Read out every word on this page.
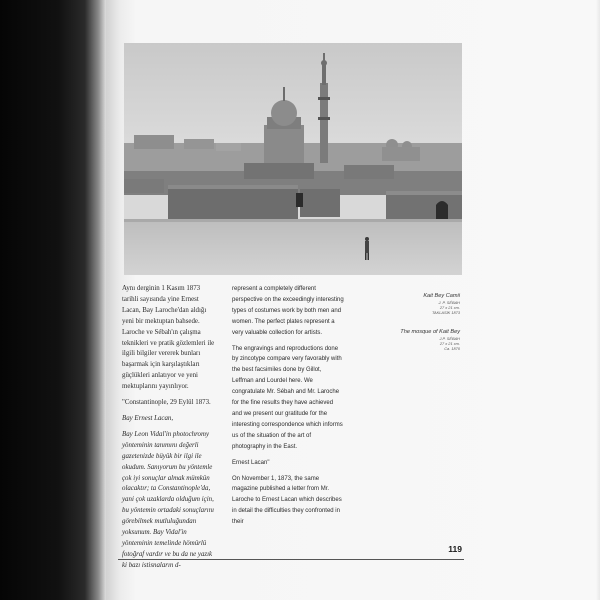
Aynı derginin 1 Kasım 1873 tarihli sayısında yine Ernest Lacan, Bay Laroche'dan aldığı yeni bir mektuptan bahsede. Laroche ve Sébah'ın çalışma teknikleri ve pratik gözlemleri ile ilgili bilgiler vererek bunları başarmak için karşılaştıkları güçlükleri anlatıyor ve yeni mektuplarını yayınlıyor.

"Constantinople, 29 Eylül 1873.

Bay Ernest Lacan,

Bay Leon Vidal'in photochromy yönteminin tanımını değerli gazetenizde büyük bir ilgi ile okudum. Sanıyorum bu yöntemle çok iyi sonuçlar almak mümkün olacaktır; ta Constantinople'da, yani çok uzaklarda olduğum için, bu yöntemin ortadaki sonuçlarını görebilmek mutluluğundan yoksunum. Bay Vidal'in yönteminin temelinde hömürlü fotoğraf vardır ve bu da ne yazık ki bazı istisnaların d-

represent a completely different perspective on the exceedingly interesting types of costumes work by both men and women. The perfect plates represent a very valuable collection for artists.

The engravings and reproductions done by zincotype compare very favorably with the best facsimiles done by Gillot, Leffman and Lourdel here. We congratulate Mr. Sébah and Mr. Laroche for the fine results they have achieved and we present our gratitude for the interesting correspondence which informs us of the situation of the art of photography in the East.

Ernest Lacan"

On November 1, 1873, the same magazine published a letter from Mr. Laroche to Ernest Lacan which describes in detail the difficulties they confronted in their

Kait Bey Camii
J. P. SÉBAH
27 x 21 cm.
TAKLASİK 1873
The mosque of Kait Bey
J.P. SÉBAH
27 x 21 cm.
Ca. 1870
119
